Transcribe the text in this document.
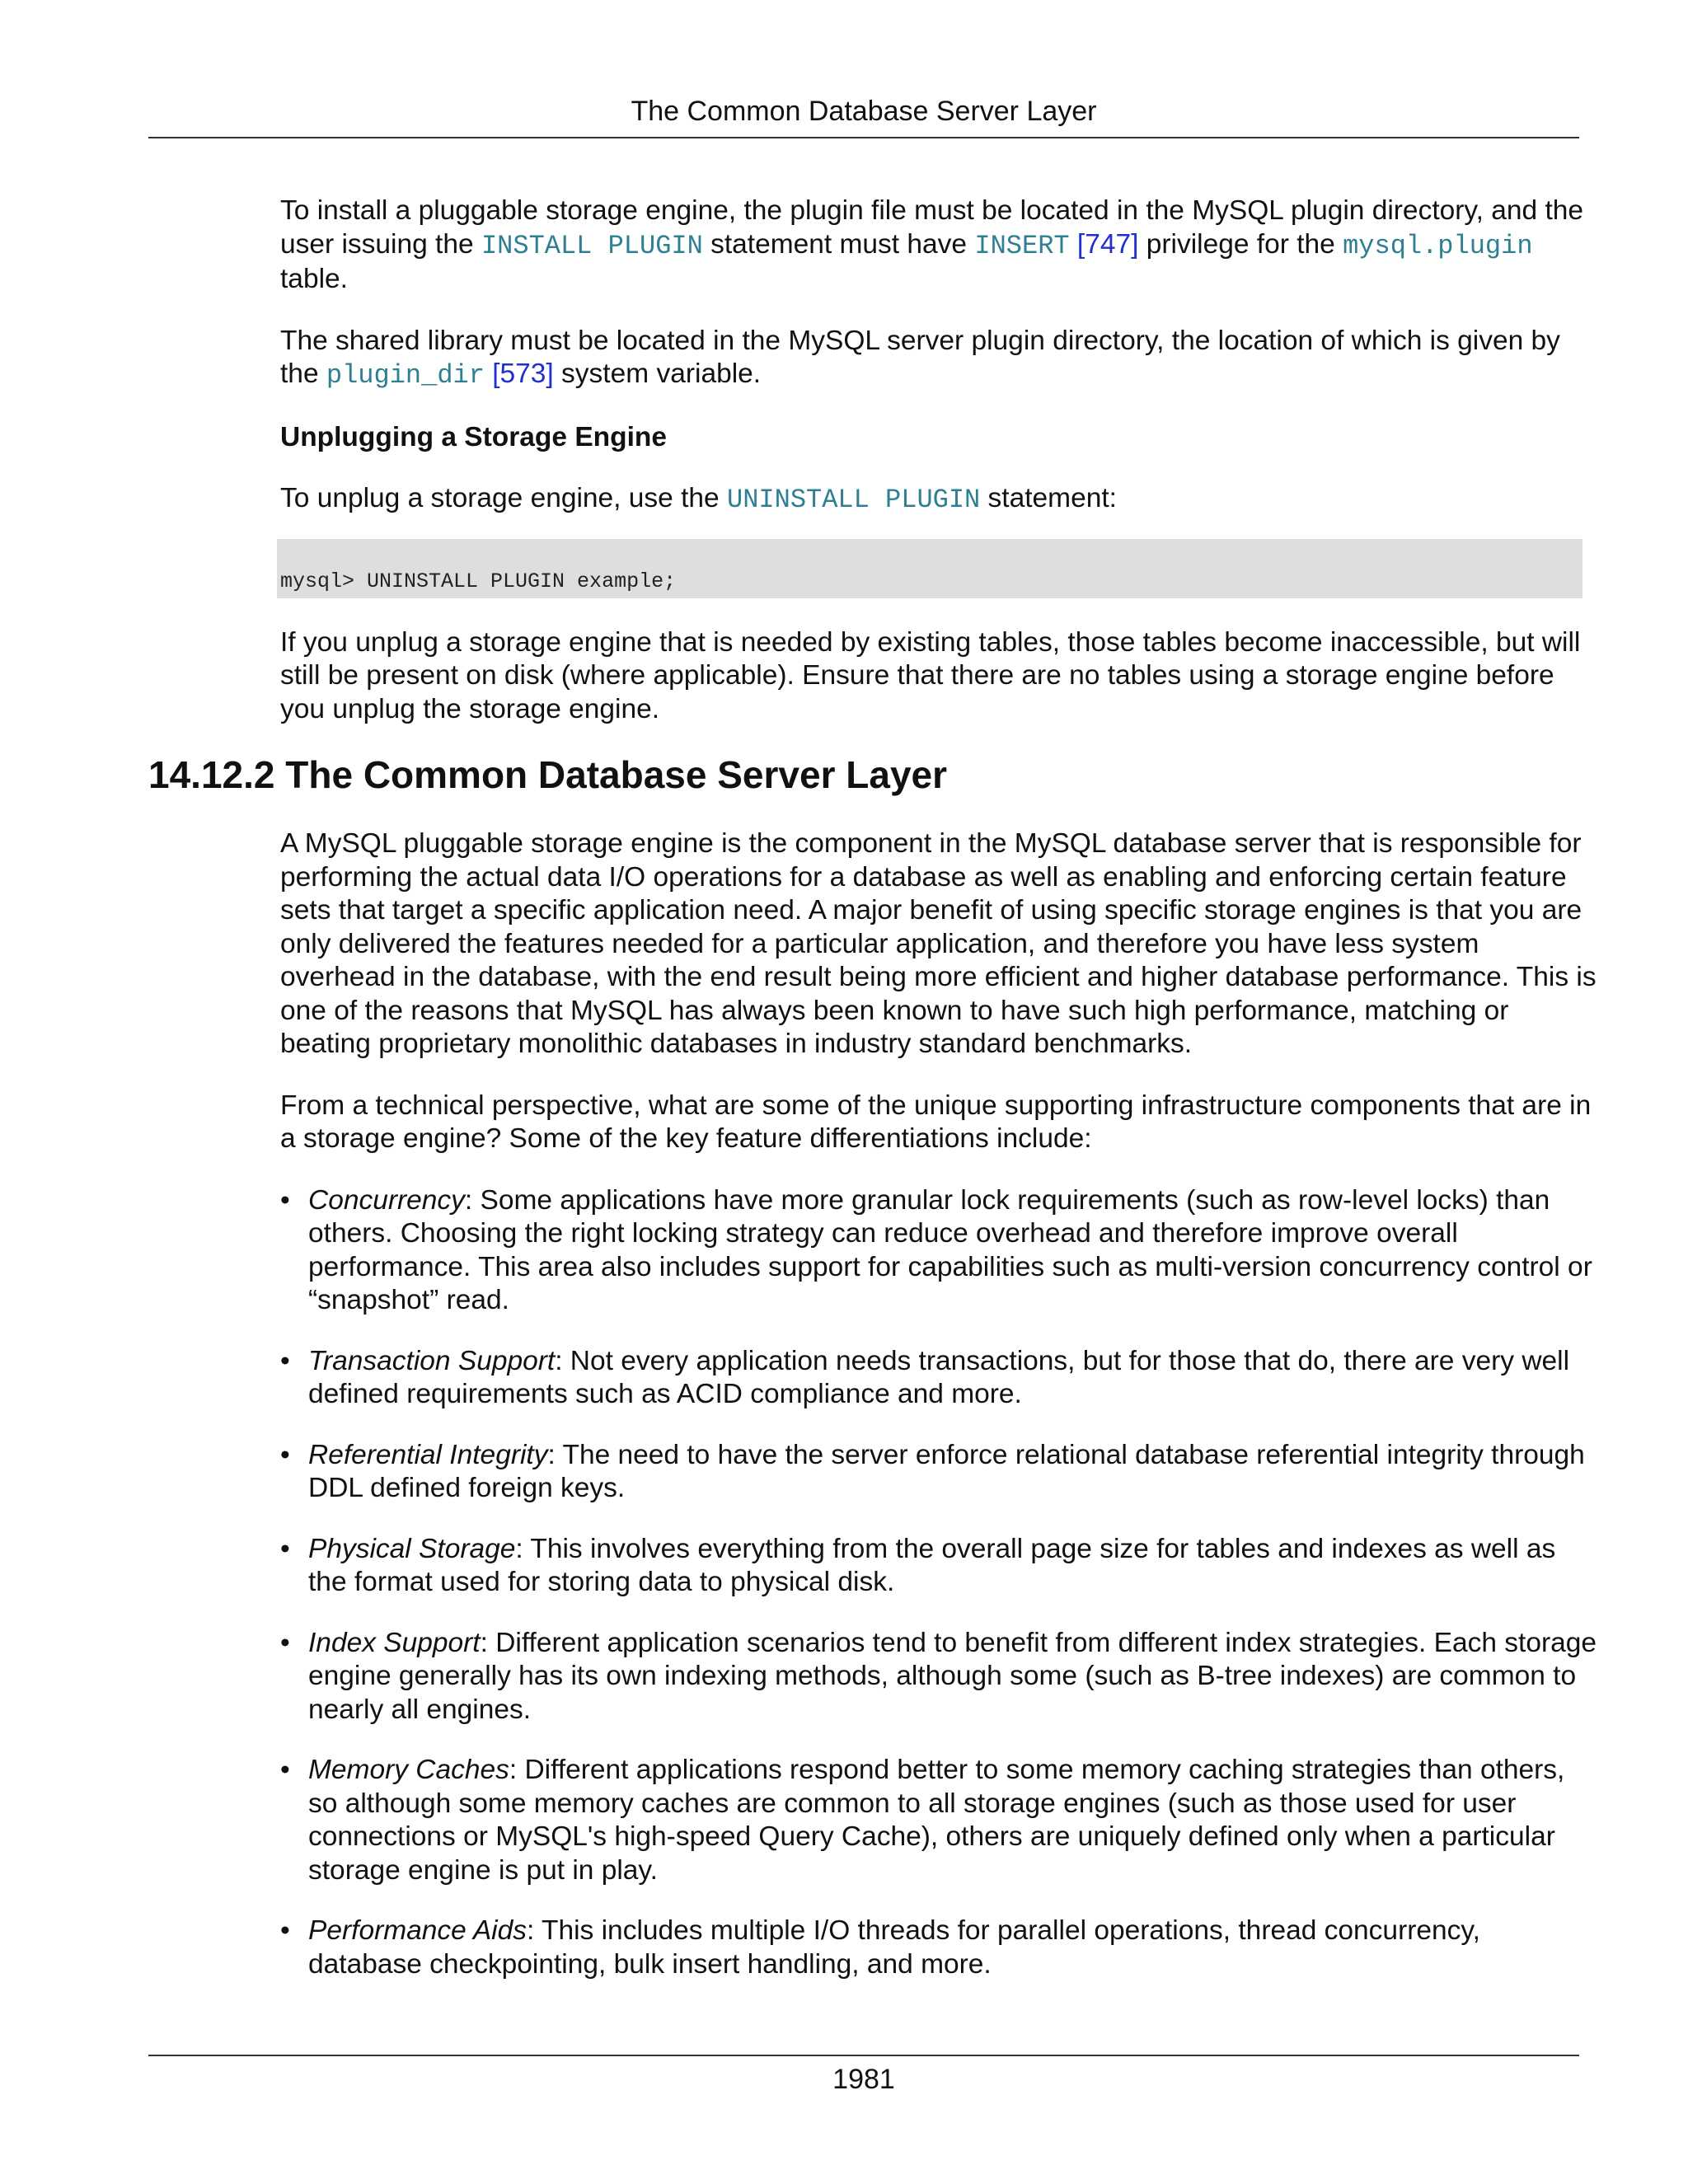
The Common Database Server Layer

To install a pluggable storage engine, the plugin file must be located in the MySQL plugin directory, and the user issuing the INSTALL PLUGIN statement must have INSERT [747] privilege for the mysql.plugin table.

The shared library must be located in the MySQL server plugin directory, the location of which is given by the plugin_dir [573] system variable.

Unplugging a Storage Engine

To unplug a storage engine, use the UNINSTALL PLUGIN statement:

mysql> UNINSTALL PLUGIN example;

If you unplug a storage engine that is needed by existing tables, those tables become inaccessible, but will still be present on disk (where applicable). Ensure that there are no tables using a storage engine before you unplug the storage engine.

14.12.2 The Common Database Server Layer

A MySQL pluggable storage engine is the component in the MySQL database server that is responsible for performing the actual data I/O operations for a database as well as enabling and enforcing certain feature sets that target a specific application need. A major benefit of using specific storage engines is that you are only delivered the features needed for a particular application, and therefore you have less system overhead in the database, with the end result being more efficient and higher database performance. This is one of the reasons that MySQL has always been known to have such high performance, matching or beating proprietary monolithic databases in industry standard benchmarks.

From a technical perspective, what are some of the unique supporting infrastructure components that are in a storage engine? Some of the key feature differentiations include:

• Concurrency: Some applications have more granular lock requirements (such as row-level locks) than others. Choosing the right locking strategy can reduce overhead and therefore improve overall performance. This area also includes support for capabilities such as multi-version concurrency control or “snapshot” read.
• Transaction Support: Not every application needs transactions, but for those that do, there are very well defined requirements such as ACID compliance and more.
• Referential Integrity: The need to have the server enforce relational database referential integrity through DDL defined foreign keys.
• Physical Storage: This involves everything from the overall page size for tables and indexes as well as the format used for storing data to physical disk.
• Index Support: Different application scenarios tend to benefit from different index strategies. Each storage engine generally has its own indexing methods, although some (such as B-tree indexes) are common to nearly all engines.
• Memory Caches: Different applications respond better to some memory caching strategies than others, so although some memory caches are common to all storage engines (such as those used for user connections or MySQL's high-speed Query Cache), others are uniquely defined only when a particular storage engine is put in play.
• Performance Aids: This includes multiple I/O threads for parallel operations, thread concurrency, database checkpointing, bulk insert handling, and more.
1981
